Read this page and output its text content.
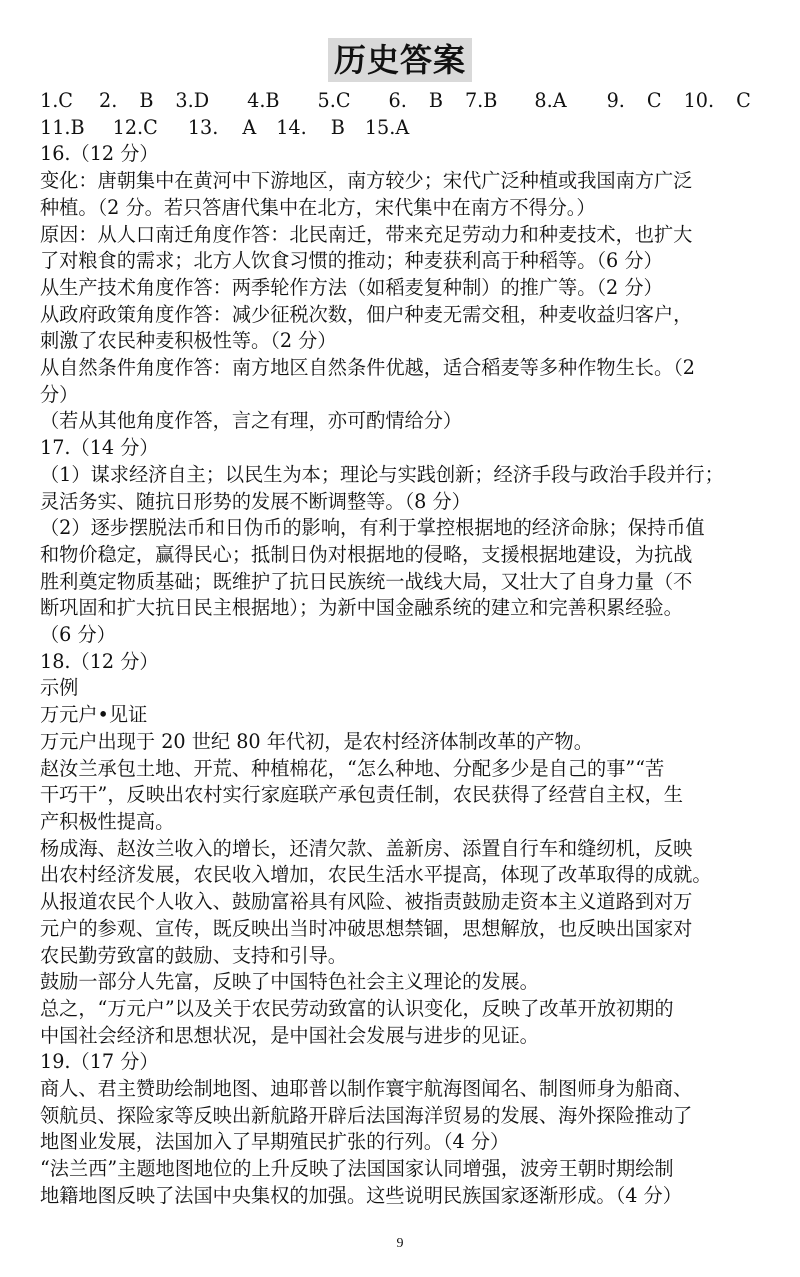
历史答案
1.C 2. B 3.D 4.B 5.C 6. B 7.B 8.A 9. C 10. C
11.B 12.C 13. A 14. B 15.A
16.（12 分）
变化：唐朝集中在黄河中下游地区，南方较少；宋代广泛种植或我国南方广泛
种植。（2 分。若只答唐代集中在北方，宋代集中在南方不得分。）
原因：从人口南迁角度作答：北民南迁，带来充足劳动力和种麦技术，也扩大
了对粮食的需求；北方人饮食习惯的推动；种麦获利高于种稻等。（6 分）
从生产技术角度作答：两季轮作方法（如稻麦复种制）的推广等。（2 分）
从政府政策角度作答：减少征税次数，佃户种麦无需交租，种麦收益归客户，
刺激了农民种麦积极性等。（2 分）
从自然条件角度作答：南方地区自然条件优越，适合稻麦等多种作物生长。（2
分）
（若从其他角度作答，言之有理，亦可酌情给分）
17.（14 分）
（1）谋求经济自主；以民生为本；理论与实践创新；经济手段与政治手段并行；
灵活务实、随抗日形势的发展不断调整等。（8 分）
（2）逐步摆脱法币和日伪币的影响，有利于掌控根据地的经济命脉；保持币值
和物价稳定，赢得民心；抵制日伪对根据地的侵略，支援根据地建设，为抗战
胜利奠定物质基础；既维护了抗日民族统一战线大局，又壮大了自身力量（不
断巩固和扩大抗日民主根据地）；为新中国金融系统的建立和完善积累经验。
（6 分）
18.（12 分）
示例
万元户•见证
万元户出现于 20 世纪 80 年代初，是农村经济体制改革的产物。
赵汝兰承包土地、开荒、种植棉花，“怎么种地、分配多少是自己的事”“苦
干巧干”，反映出农村实行家庭联产承包责任制，农民获得了经营自主权，生
产积极性提高。
杨成海、赵汝兰收入的增长，还清欠款、盖新房、添置自行车和缝纫机，反映
出农村经济发展，农民收入增加，农民生活水平提高，体现了改革取得的成就。
从报道农民个人收入、鼓励富裕具有风险、被指责鼓励走资本主义道路到对万
元户的参观、宣传，既反映出当时冲破思想禁锢，思想解放，也反映出国家对
农民勤劳致富的鼓励、支持和引导。
鼓励一部分人先富，反映了中国特色社会主义理论的发展。
总之，“万元户”以及关于农民劳动致富的认识变化，反映了改革开放初期的
中国社会经济和思想状况，是中国社会发展与进步的见证。
19.（17 分）
商人、君主赞助绘制地图、迪耶普以制作寰宇航海图闻名、制图师身为船商、
领航员、探险家等反映出新航路开辟后法国海洋贸易的发展、海外探险推动了
地图业发展，法国加入了早期殖民扩张的行列。（4 分）
“法兰西”主题地图地位的上升反映了法国国家认同增强，波旁王朝时期绘制
地籍地图反映了法国中央集权的加强。这些说明民族国家逐渐形成。（4 分）
9
